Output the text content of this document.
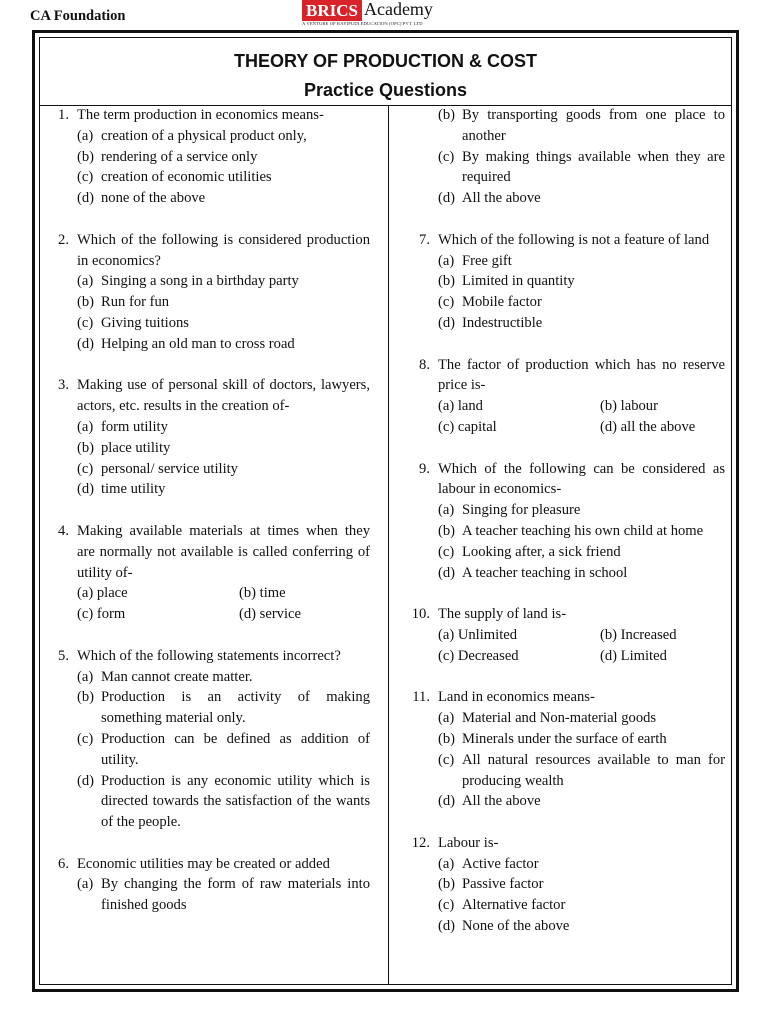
CA Foundation	BRICS Academy
A VENTURE OF RAYIPUDI EDUCATION (OPC) PVT. LTD
THEORY OF PRODUCTION & COST
Practice Questions
1. The term production in economics means-
(a) creation of a physical product only,
(b) rendering of a service only
(c) creation of economic utilities
(d) none of the above
2. Which of the following is considered production in economics?
(a) Singing a song in a birthday party
(b) Run for fun
(c) Giving tuitions
(d) Helping an old man to cross road
3. Making use of personal skill of doctors, lawyers, actors, etc. results in the creation of-
(a) form utility
(b) place utility
(c) personal/ service utility
(d) time utility
4. Making available materials at times when they are normally not available is called conferring of utility of-
(a) place	(b) time
(c) form	(d) service
5. Which of the following statements incorrect?
(a) Man cannot create matter.
(b) Production is an activity of making something material only.
(c) Production can be defined as addition of utility.
(d) Production is any economic utility which is directed towards the satisfaction of the wants of the people.
6. Economic utilities may be created or added
(a) By changing the form of raw materials into finished goods
(b) By transporting goods from one place to another
(c) By making things available when they are required
(d) All the above
7. Which of the following is not a feature of land
(a) Free gift
(b) Limited in quantity
(c) Mobile factor
(d) Indestructible
8. The factor of production which has no reserve price is-
(a) land	(b) labour
(c) capital	(d) all the above
9. Which of the following can be considered as labour in economics-
(a) Singing for pleasure
(b) A teacher teaching his own child at home
(c) Looking after, a sick friend
(d) A teacher teaching in school
10. The supply of land is-
(a) Unlimited	(b) Increased
(c) Decreased	(d) Limited
11. Land in economics means-
(a) Material and Non-material goods
(b) Minerals under the surface of earth
(c) All natural resources available to man for producing wealth
(d) All the above
12. Labour is-
(a) Active factor
(b) Passive factor
(c) Alternative factor
(d) None of the above
